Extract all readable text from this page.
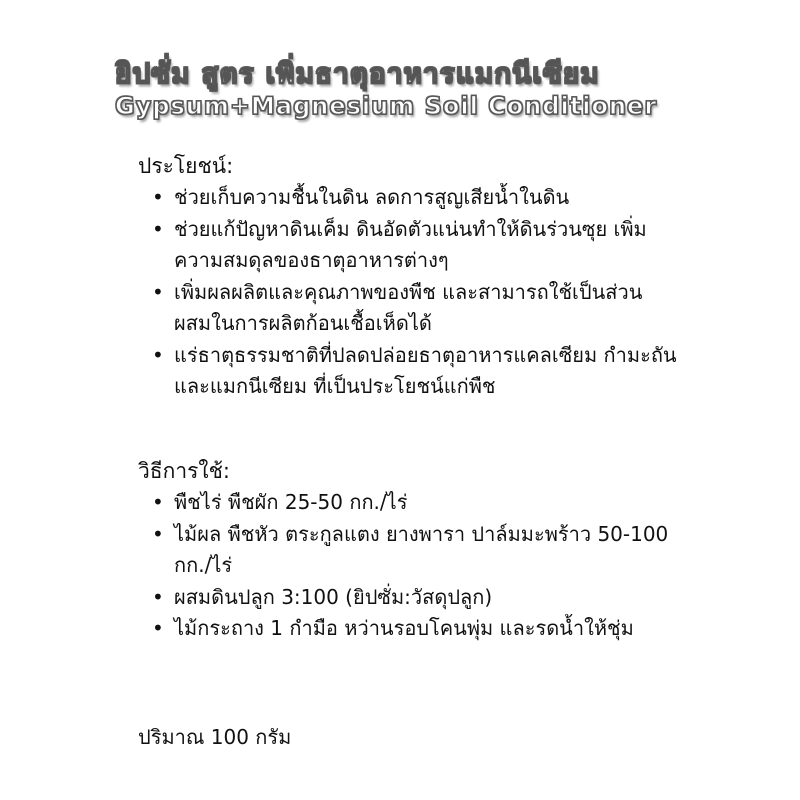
ยิปซั่ม สูตร เพิ่มธาตุอาหารแมกนีเซียม
Gypsum+Magnesium Soil Conditioner

ประโยชน์:

• ช่วยเก็บความชื้นในดิน ลดการสูญเสียน้ำในดิน
• ช่วยแก้ปัญหาดินเค็ม ดินอัดตัวแน่นทำให้ดินร่วนซุย เพิ่มความสมดุลของธาตุอาหารต่างๆ
• เพิ่มผลผลิตและคุณภาพของพืช และสามารถใช้เป็นส่วนผสมในการผลิตก้อนเชื้อเห็ดได้
• แร่ธาตุธรรมชาติที่ปลดปล่อยธาตุอาหารแคลเซียม กำมะถันและแมกนีเซียม ที่เป็นประโยชน์แก่พืช

วิธีการใช้:

• พืชไร่ พืชผัก 25-50 กก./ไร่
• ไม้ผล พืชหัว ตระกูลแตง ยางพารา ปาล์มมะพร้าว 50-100 กก./ไร่
• ผสมดินปลูก 3:100 (ยิปซั่ม:วัสดุปลูก)
• ไม้กระถาง 1 กำมือ หว่านรอบโคนพุ่ม และรดน้ำให้ชุ่ม

ปริมาณ 100 กรัม
